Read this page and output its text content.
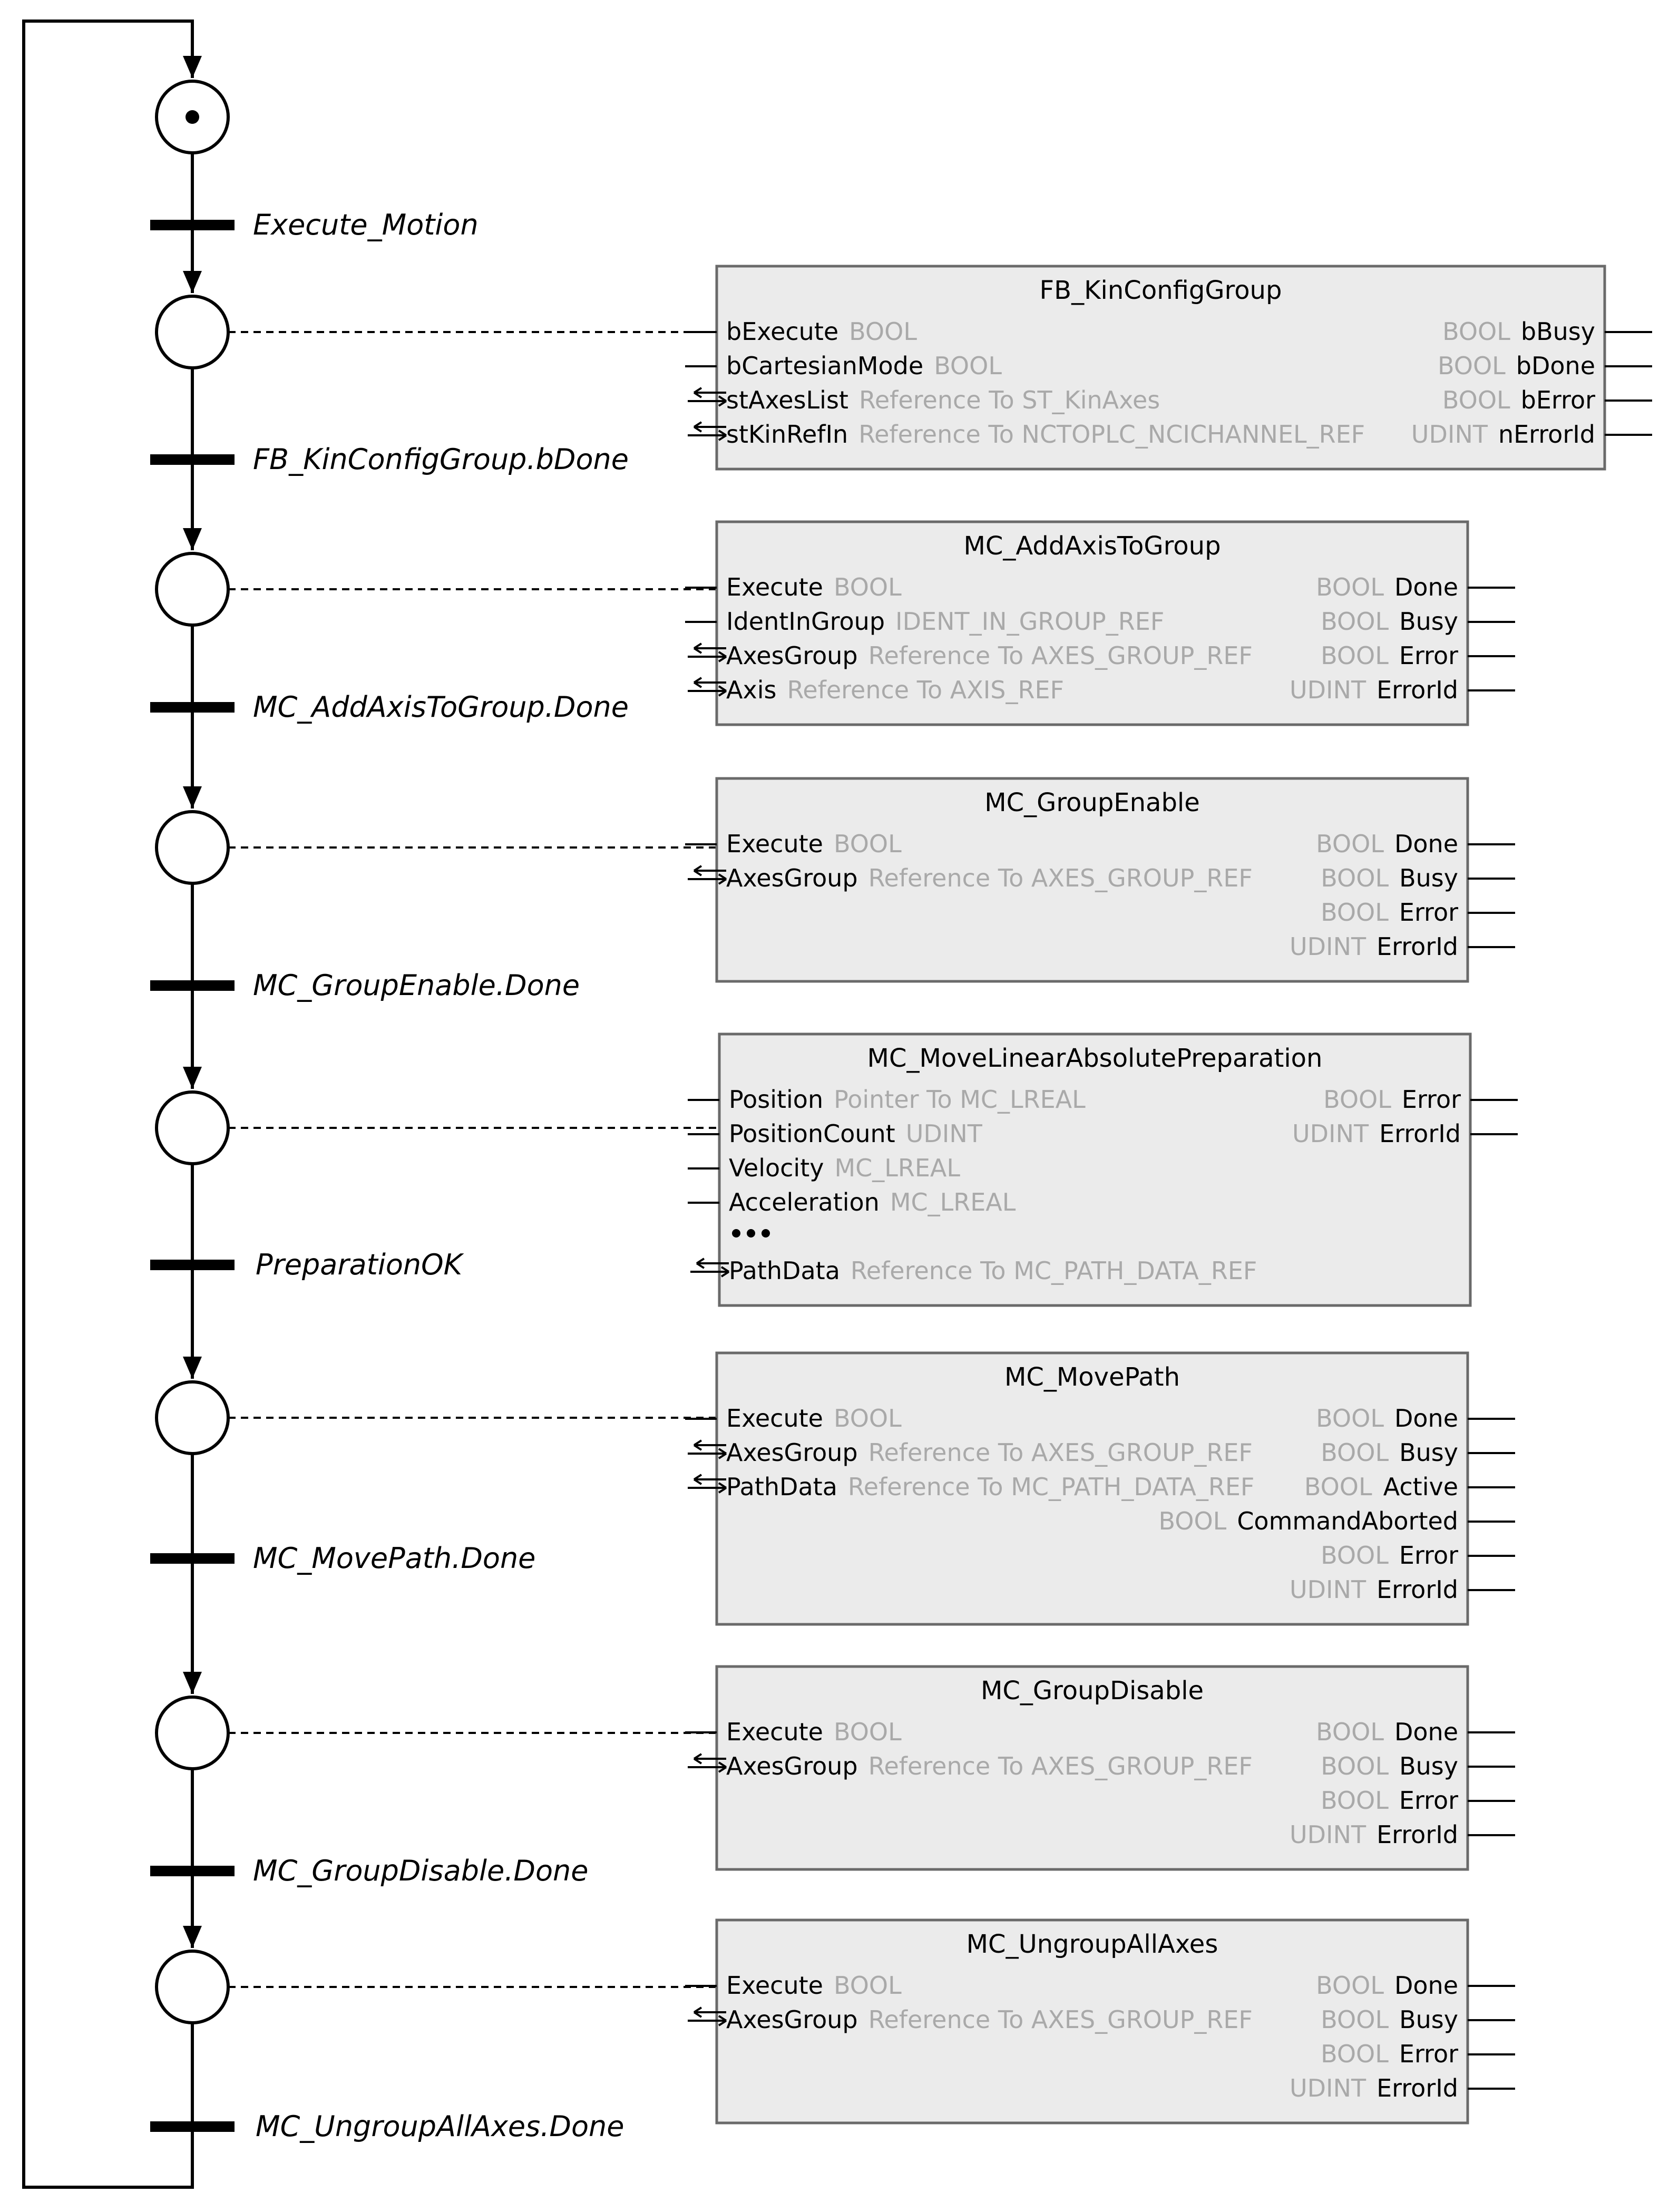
Execute_Motion
FB_KinConfigGroup.bDone
MC_AddAxisToGroup.Done
MC_GroupEnable.Done
PreparationOK
MC_MovePath.Done
MC_GroupDisable.Done
MC_UngroupAllAxes.Done
FB_KinConfigGroup
bExecute BOOL
bCartesianMode BOOL
stAxesList Reference To ST_KinAxes
stKinRefIn Reference To NCTOPLC_NCICHANNEL_REF
BOOL bBusy
BOOL bDone
BOOL bError
UDINT nErrorId
MC_AddAxisToGroup
Execute BOOL
IdentInGroup IDENT_IN_GROUP_REF
AxesGroup Reference To AXES_GROUP_REF
Axis Reference To AXIS_REF
BOOL Done
BOOL Busy
BOOL Error
UDINT ErrorId
MC_GroupEnable
Execute BOOL
AxesGroup Reference To AXES_GROUP_REF
BOOL Done
BOOL Busy
BOOL Error
UDINT ErrorId
MC_MoveLinearAbsolutePreparation
Position Pointer To MC_LREAL
PositionCount UDINT
Velocity MC_LREAL
Acceleration MC_LREAL
PathData Reference To MC_PATH_DATA_REF
BOOL Error
UDINT ErrorId
MC_MovePath
Execute BOOL
AxesGroup Reference To AXES_GROUP_REF
PathData Reference To MC_PATH_DATA_REF
BOOL Done
BOOL Busy
BOOL Active
BOOL CommandAborted
BOOL Error
UDINT ErrorId
MC_GroupDisable
Execute BOOL
AxesGroup Reference To AXES_GROUP_REF
BOOL Done
BOOL Busy
BOOL Error
UDINT ErrorId
MC_UngroupAllAxes
Execute BOOL
AxesGroup Reference To AXES_GROUP_REF
BOOL Done
BOOL Busy
BOOL Error
UDINT ErrorId
